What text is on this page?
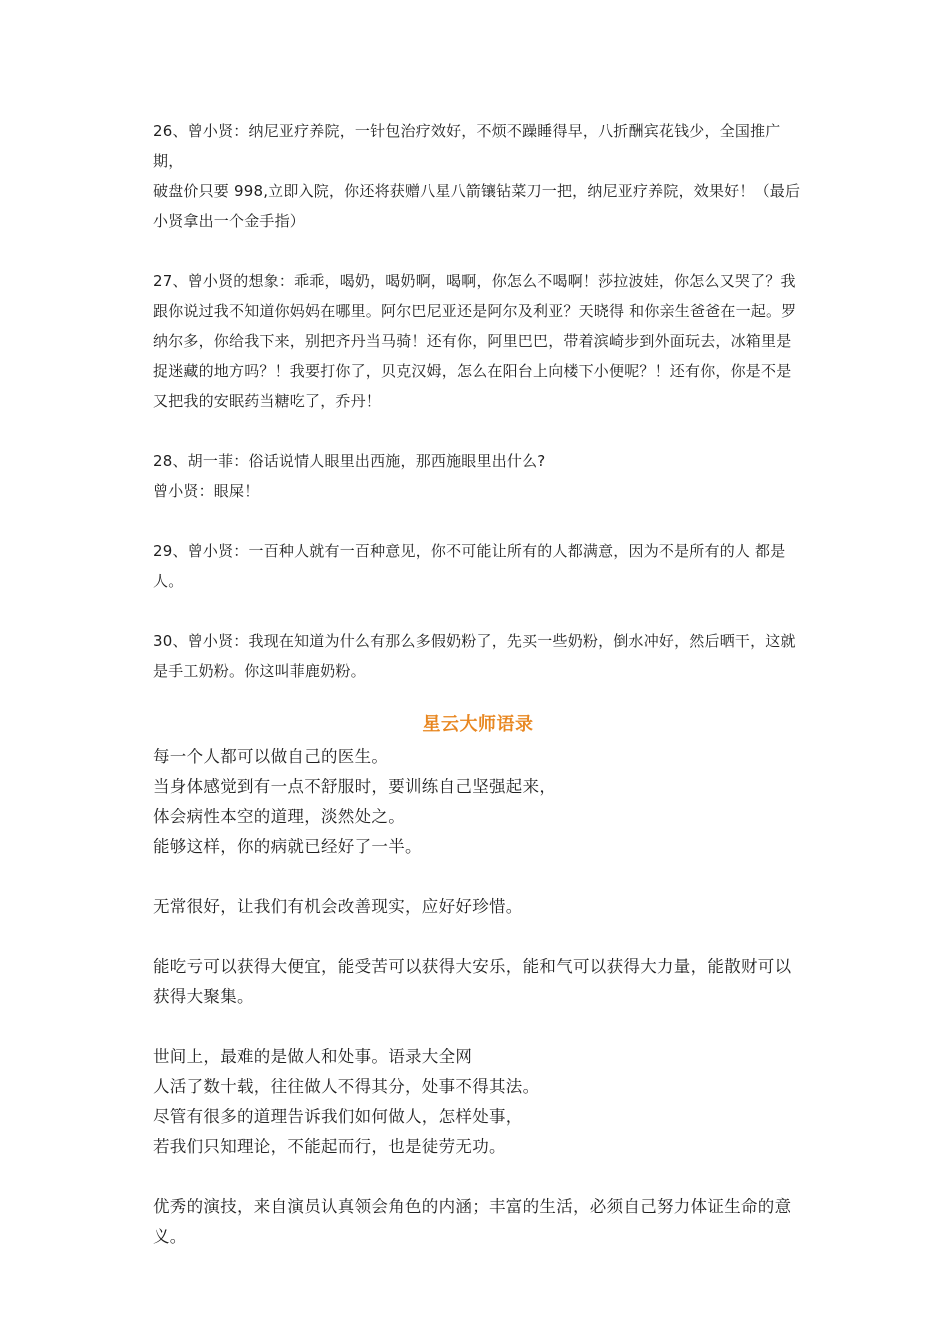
26、曾小贤：纳尼亚疗养院，一针包治疗效好，不烦不躁睡得早，八折酬宾花钱少，全国推广期，
破盘价只要 998,立即入院，你还将获赠八星八箭镶钻菜刀一把，纳尼亚疗养院，效果好！（最后
小贤拿出一个金手指）
27、曾小贤的想象：乖乖，喝奶，喝奶啊，喝啊，你怎么不喝啊！莎拉波娃，你怎么又哭了？我
跟你说过我不知道你妈妈在哪里。阿尔巴尼亚还是阿尔及利亚？天晓得 和你亲生爸爸在一起。罗
纳尔多，你给我下来，别把齐丹当马骑！还有你，阿里巴巴，带着滨崎步到外面玩去，冰箱里是
捉迷藏的地方吗？！我要打你了，贝克汉姆，怎么在阳台上向楼下小便呢？！还有你，你是不是
又把我的安眠药当糖吃了，乔丹！
28、胡一菲：俗话说情人眼里出西施，那西施眼里出什么?
曾小贤：眼屎！
29、曾小贤：一百种人就有一百种意见，你不可能让所有的人都满意，因为不是所有的人 都是
人。
30、曾小贤：我现在知道为什么有那么多假奶粉了，先买一些奶粉，倒水冲好，然后晒干，这就
是手工奶粉。你这叫菲鹿奶粉。
星云大师语录
每一个人都可以做自己的医生。
当身体感觉到有一点不舒服时，要训练自己坚强起来，
体会病性本空的道理，淡然处之。
能够这样，你的病就已经好了一半。
无常很好，让我们有机会改善现实，应好好珍惜。
能吃亏可以获得大便宜，能受苦可以获得大安乐，能和气可以获得大力量，能散财可以
获得大聚集。
世间上，最难的是做人和处事。语录大全网
人活了数十载，往往做人不得其分，处事不得其法。
尽管有很多的道理告诉我们如何做人，怎样处事，
若我们只知理论，不能起而行，也是徒劳无功。
优秀的演技，来自演员认真领会角色的内涵；丰富的生活，必须自己努力体证生命的意
义。
